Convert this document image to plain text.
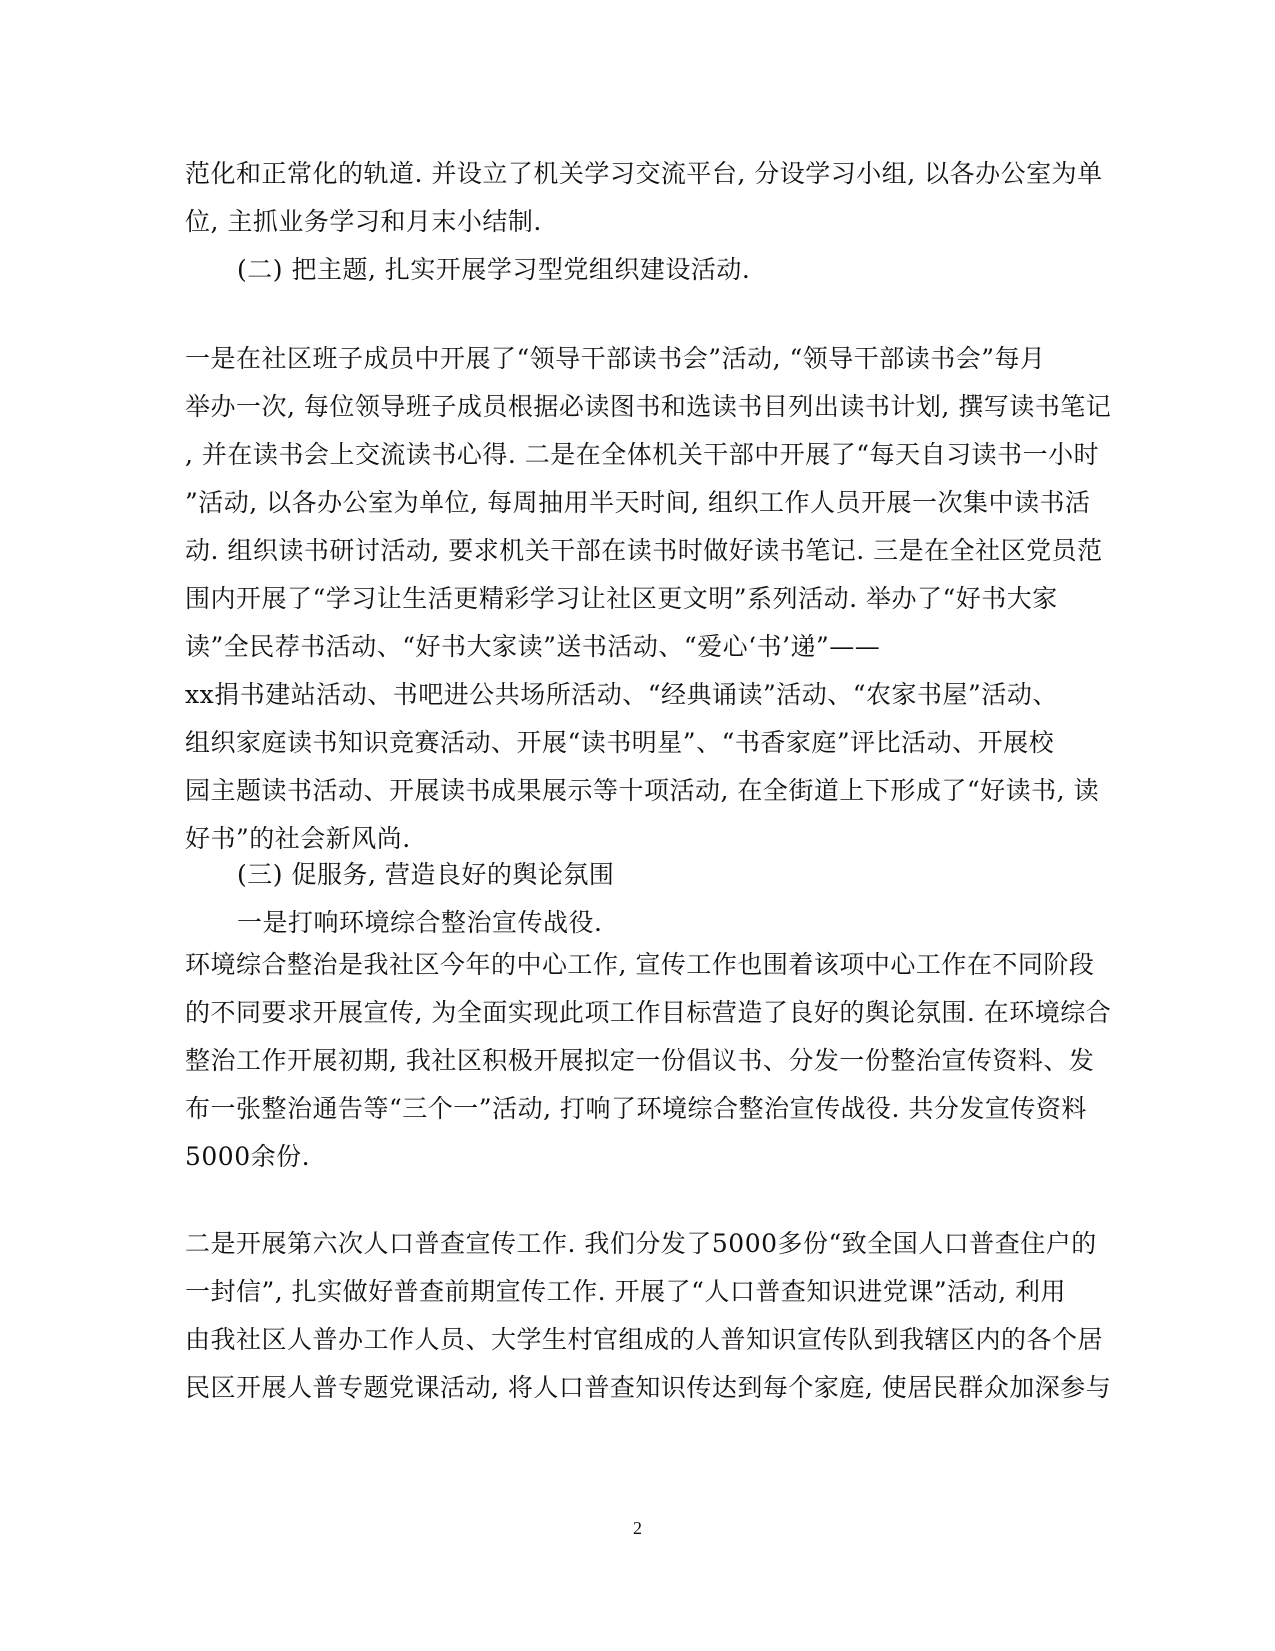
范化和正常化的轨道. 并设立了机关学习交流平台, 分设学习小组, 以各办公室为单
位, 主抓业务学习和月末小结制.
(二) 把主题, 扎实开展学习型党组织建设活动.
一是在社区班子成员中开展了“领导干部读书会”活动, “领导干部读书会”每月
举办一次, 每位领导班子成员根据必读图书和选读书目列出读书计划, 撰写读书笔记
, 并在读书会上交流读书心得. 二是在全体机关干部中开展了“每天自习读书一小时
”活动, 以各办公室为单位, 每周抽用半天时间, 组织工作人员开展一次集中读书活
动. 组织读书研讨活动, 要求机关干部在读书时做好读书笔记. 三是在全社区党员范
围内开展了“学习让生活更精彩学习让社区更文明”系列活动. 举办了“好书大家
读”全民荐书活动、“好书大家读”送书活动、“爱心‘书’递”——
xx捐书建站活动、书吧进公共场所活动、“经典诵读”活动、“农家书屋”活动、
组织家庭读书知识竞赛活动、开展“读书明星”、“书香家庭”评比活动、开展校
园主题读书活动、开展读书成果展示等十项活动, 在全街道上下形成了“好读书, 读
好书”的社会新风尚.
(三) 促服务, 营造良好的舆论氛围
一是打响环境综合整治宣传战役.
环境综合整治是我社区今年的中心工作, 宣传工作也围着该项中心工作在不同阶段
的不同要求开展宣传, 为全面实现此项工作目标营造了良好的舆论氛围. 在环境综合
整治工作开展初期, 我社区积极开展拟定一份倡议书、分发一份整治宣传资料、发
布一张整治通告等“三个一”活动, 打响了环境综合整治宣传战役. 共分发宣传资料
5000余份.
二是开展第六次人口普查宣传工作. 我们分发了5000多份“致全国人口普查住户的
一封信”, 扎实做好普查前期宣传工作. 开展了“人口普查知识进党课”活动, 利用
由我社区人普办工作人员、大学生村官组成的人普知识宣传队到我辖区内的各个居
民区开展人普专题党课活动, 将人口普查知识传达到每个家庭, 使居民群众加深参与
2
